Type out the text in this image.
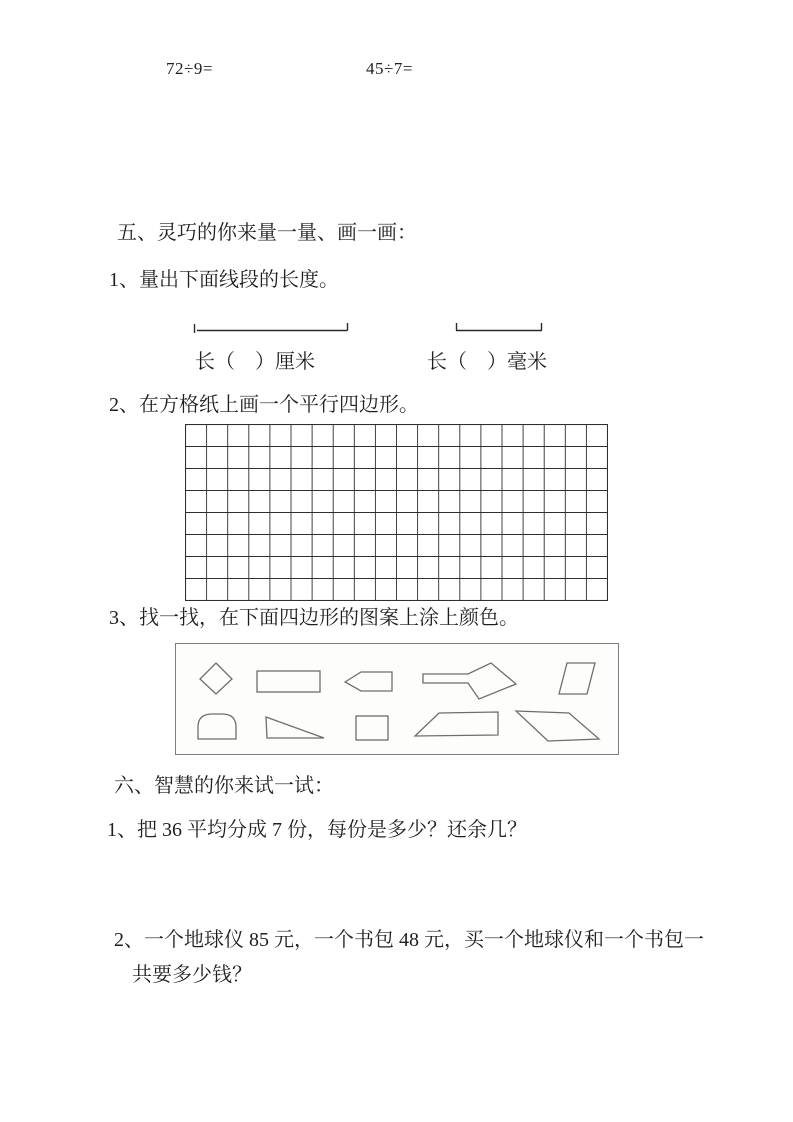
72÷9=	45÷7=
五、灵巧的你来量一量、画一画：
1、量出下面线段的长度。
长（　）厘米	长（　）毫米
2、在方格纸上画一个平行四边形。
3、找一找，在下面四边形的图案上涂上颜色。
六、智慧的你来试一试：
1、把 36 平均分成 7 份，每份是多少？还余几？
2、一个地球仪 85 元，一个书包 48 元，买一个地球仪和一个书包一
共要多少钱？
